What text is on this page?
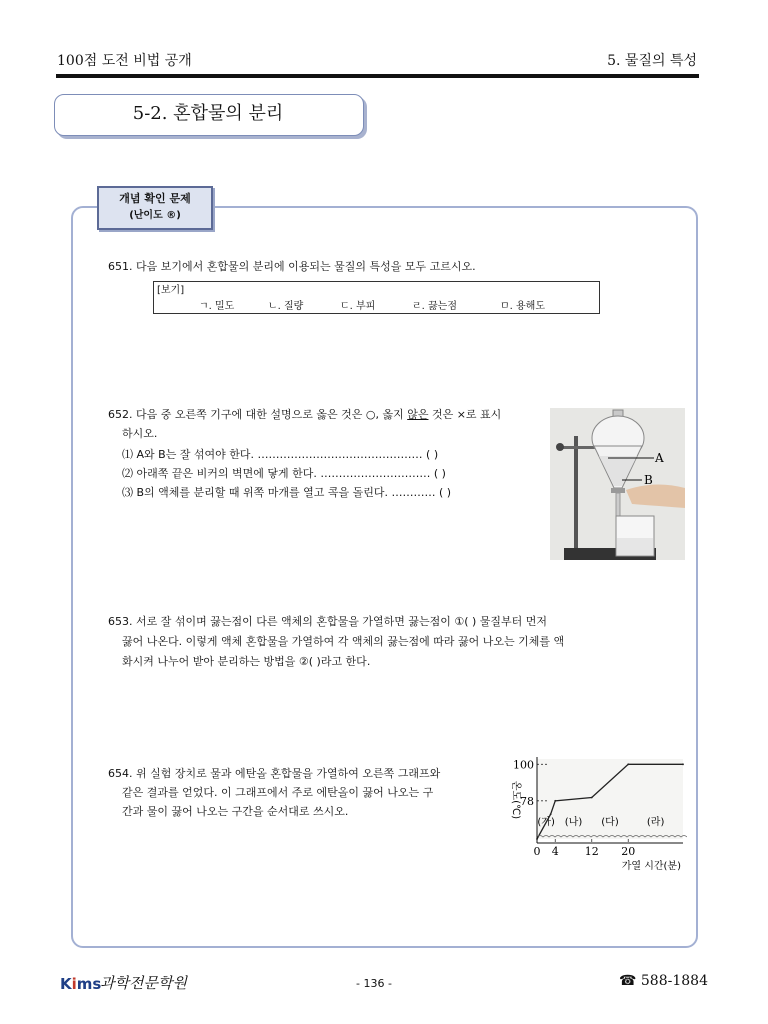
100점 도전 비법 공개	5. 물질의 특성
5-2. 혼합물의 분리
개념 확인 문제
(난이도 ®)
651. 다음 보기에서 혼합물의 분리에 이용되는 물질의 특성을 모두 고르시오.
[보기]
ㄱ. 밀도	ㄴ. 질량	ㄷ. 부피	ㄹ. 끓는점	ㅁ. 용해도
652. 다음 중 오른쪽 기구에 대한 설명으로 옳은 것은 ○, 옳지 않은 것은 ×로 표시
하시오.
⑴ A와 B는 잘 섞여야 한다. ……………………………………… ( )
⑵ 아래쪽 끝은 비커의 벽면에 닿게 한다. ………………………… ( )
⑶ B의 액체를 분리할 때 위쪽 마개를 열고 콕을 돌린다. ………… ( )
A
B
653. 서로 잘 섞이며 끓는점이 다른 액체의 혼합물을 가열하면 끓는점이 ①( ) 물질부터 먼저
끓어 나온다. 이렇게 액체 혼합물을 가열하여 각 액체의 끓는점에 따라 끓어 나오는 기체를 액
화시켜 나누어 받아 분리하는 방법을 ②( )라고 한다.
654. 위 실험 장치로 물과 에탄올 혼합물을 가열하여 오른쪽 그래프와
같은 결과를 얻었다. 이 그래프에서 주로 에탄올이 끓어 나오는 구
간과 물이 끓어 나오는 구간을 순서대로 쓰시오.
(가) (나) (다)	(라)
0 4 12 20
78
100
가열 시간(분)
온도(℃)
Kims
과학전문학원	- 136 -	☎ 588-1884
